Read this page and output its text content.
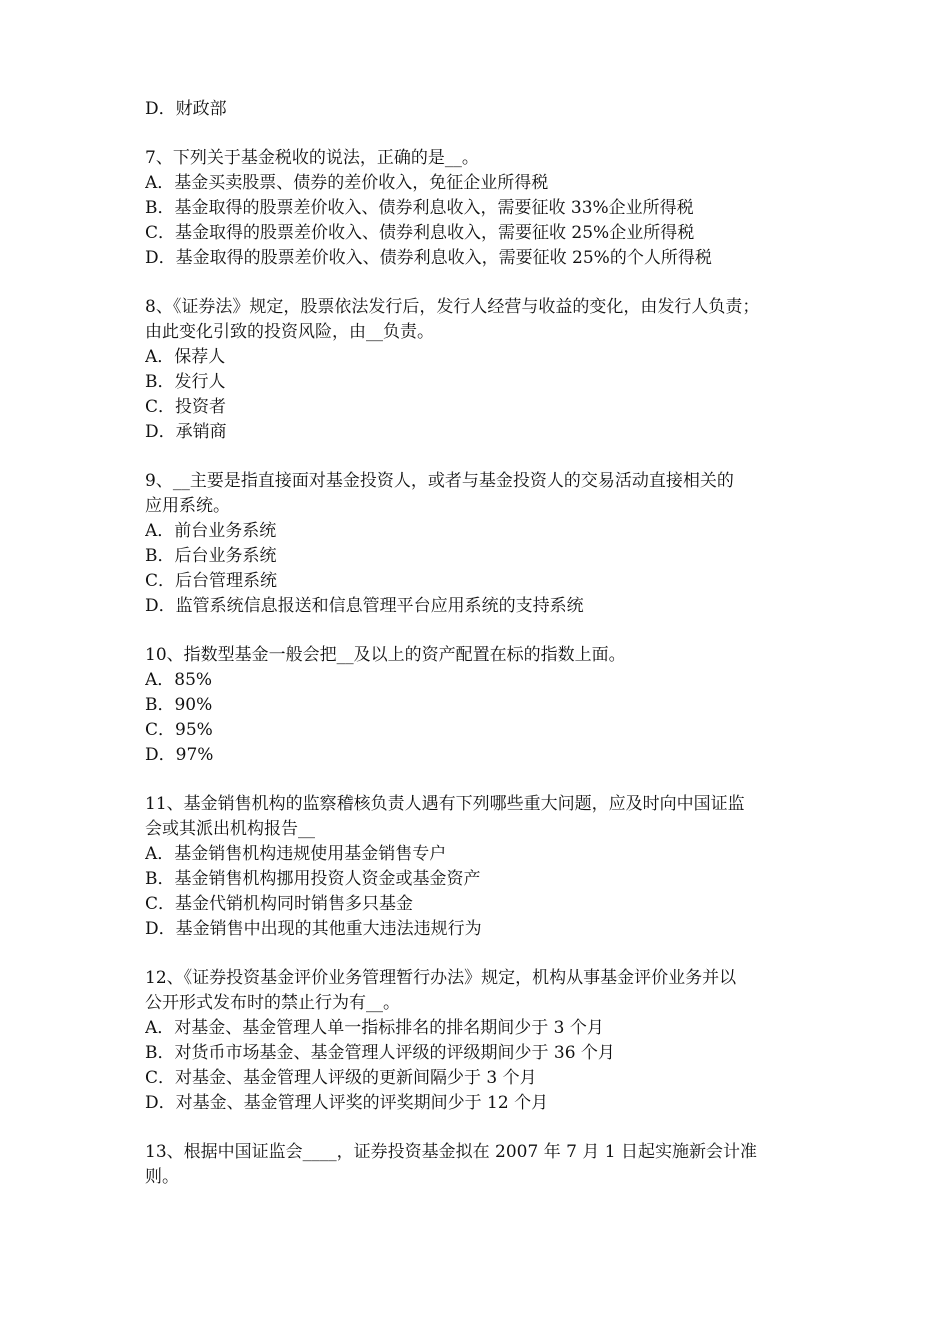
D．财政部
7、下列关于基金税收的说法，正确的是__。
A．基金买卖股票、债券的差价收入，免征企业所得税
B．基金取得的股票差价收入、债券利息收入，需要征收 33%企业所得税
C．基金取得的股票差价收入、债券利息收入，需要征收 25%企业所得税
D．基金取得的股票差价收入、债券利息收入，需要征收 25%的个人所得税
8、《证券法》规定，股票依法发行后，发行人经营与收益的变化，由发行人负责；
由此变化引致的投资风险，由__负责。
A．保荐人
B．发行人
C．投资者
D．承销商
9、__主要是指直接面对基金投资人，或者与基金投资人的交易活动直接相关的
应用系统。
A．前台业务系统
B．后台业务系统
C．后台管理系统
D．监管系统信息报送和信息管理平台应用系统的支持系统
10、指数型基金一般会把__及以上的资产配置在标的指数上面。
A．85%
B．90%
C．95%
D．97%
11、基金销售机构的监察稽核负责人遇有下列哪些重大问题，应及时向中国证监
会或其派出机构报告__
A．基金销售机构违规使用基金销售专户
B．基金销售机构挪用投资人资金或基金资产
C．基金代销机构同时销售多只基金
D．基金销售中出现的其他重大违法违规行为
12、《证券投资基金评价业务管理暂行办法》规定，机构从事基金评价业务并以
公开形式发布时的禁止行为有__。
A．对基金、基金管理人单一指标排名的排名期间少于 3 个月
B．对货币市场基金、基金管理人评级的评级期间少于 36 个月
C．对基金、基金管理人评级的更新间隔少于 3 个月
D．对基金、基金管理人评奖的评奖期间少于 12 个月
13、根据中国证监会____，证券投资基金拟在 2007 年 7 月 1 日起实施新会计准
则。
